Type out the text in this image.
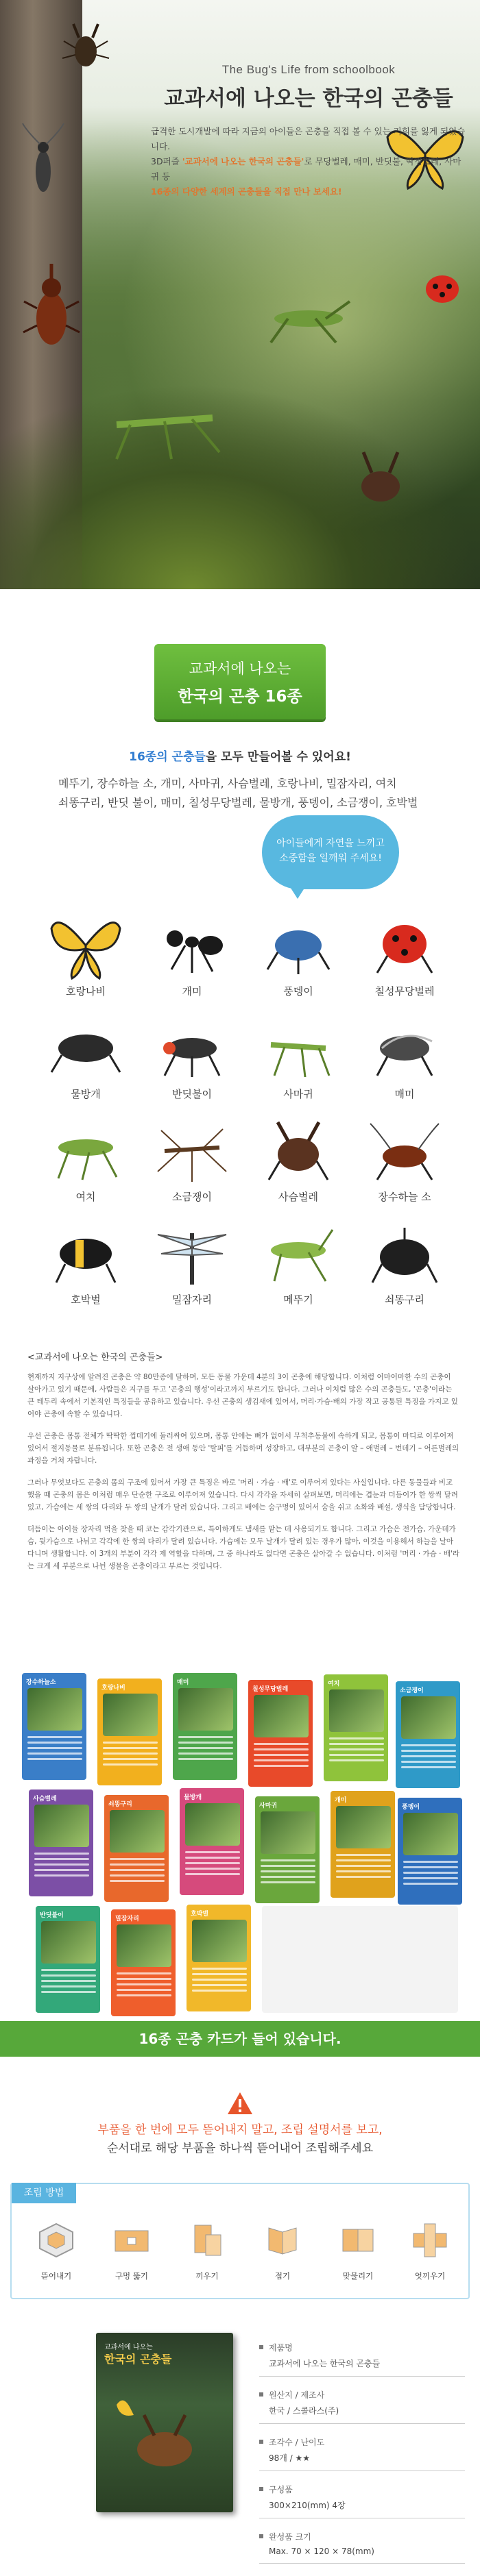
The Bug's Life from schoolbook
교과서에 나오는 한국의 곤충들
급격한 도시개발에 따라 지금의 아이들은 곤충을 직접 볼 수 있는 기회를 잃게 되었습니다.
3D퍼즐 '교과서에 나오는 한국의 곤충들'로 무당벌레, 매미, 반딧불, 딱정벌레, 사마귀 등
16종의 다양한 세계의 곤충들을 직접 만나 보세요!
교과서에 나오는
한국의 곤충 16종
16종의 곤충들을 모두 만들어볼 수 있어요!
메뚜기, 장수하늘 소, 개미, 사마귀, 사슴벌레, 호랑나비, 밀잠자리, 여치
쇠똥구리, 반딧 불이, 매미, 칠성무당벌레, 물방개, 풍뎅이, 소금쟁이, 호박벌
아이들에게 자연을 느끼고
소중함을 일깨워 주세요!
호랑나비	개미	풍뎅이	칠성무당벌레
물방개	반딧불이	사마귀	매미
여치	소금쟁이	사슴벌레	장수하늘 소
호박벌	밀잠자리	메뚜기	쇠똥구리
<교과서에 나오는 한국의 곤충들>

현재까지 지구상에 알려진 곤충은 약 80만종에 달하며, 모든 동물 가운데 4분의 3이 곤충에 해당합니다. 이처럼 어마어마한 수의 곤충이 살아가고 있기 때문에, 사람들은 지구를 두고 '곤충의 행성'이라고까지 부르기도 합니다. 그러나 이처럼 많은 수의 곤충들도, '곤충'이라는 큰 테두리 속에서 기본적인 특징들을 공유하고 있습니다. 우선 곤충의 생김새에 있어서, 머리·가슴·배의 가장 작고 공통된 특징을 가지고 있어야 곤충에 속할 수 있습니다.

우선 곤충은 몸통 전체가 딱딱한 껍데기에 둘러싸여 있으며, 몸통 안에는 뼈가 없어서 무척추동물에 속하게 되고, 몸통이 마디로 이루어져 있어서 절지동물로 분류됩니다. 또한 곤충은 전 생애 동안 '탈피'를 거듭하며 성장하고, 대부분의 곤충이 알 – 애벌레 – 번데기 – 어른벌레의 과정을 거쳐 자랍니다.

그러나 무엇보다도 곤충의 몸의 구조에 있어서 가장 큰 특징은 바로 '머리 · 가슴 · 배'로 이루어져 있다는 사실입니다. 다른 동물들과 비교했을 때 곤충의 몸은 이처럼 매우 단순한 구조로 이루어져 있습니다. 다시 각각을 자세히 살펴보면, 머리에는 겹눈과 더듬이가 한 쌍씩 달려 있고, 가슴에는 세 쌍의 다리와 두 쌍의 날개가 달려 있습니다. 그리고 배에는 숨구멍이 있어서 숨을 쉬고 소화와 배설, 생식을 담당합니다.

더듬이는 아이들 장자리 먹을 찾을 때 코는 감각기관으로, 특이하게도 냄새를 맡는 데 사용되기도 합니다. 그리고 가슴은 전가슴, 가운데가슴, 뒷가슴으로 나뉘고 각각에 한 쌍의 다리가 달려 있습니다. 가슴에는 모두 날개가 달려 있는 경우가 많아, 이것을 이용해서 하늘을 날아다니며 생활합니다. 이 3개의 부분이 각각 제 역할을 다하며, 그 중 하나라도 없다면 곤충은 살아갈 수 없습니다. 이처럼 '머리 · 가슴 · 배'라는 크게 세 부분으로 나뉜 생물을 곤충이라고 부르는 것입니다.

장수하늘소
호랑나비
매미
칠성무당벌레
여치
소금쟁이
사슴벌레
쇠똥구리
물방개
사마귀
개미
풍뎅이
반딧불이	밀잠자리
호박벌
16종 곤충 카드가 들어 있습니다.
부품을 한 번에 모두 뜯어내지 말고, 조립 설명서를 보고,
순서대로 해당 부품을 하나씩 뜯어내어 조립해주세요
조립 방법
뜯어내기	구멍 뚫기	끼우기	접기	맞물리기	엇끼우기
교과서에 나오는
한국의 곤충들
제품명
교과서에 나오는 한국의 곤충들
원산지 / 제조사
한국 / 스콜라스(주)
조각수 / 난이도
98개 / ★★
구성품
300×210(mm) 4장
완성품 크기
Max. 70 × 120 × 78(mm)
